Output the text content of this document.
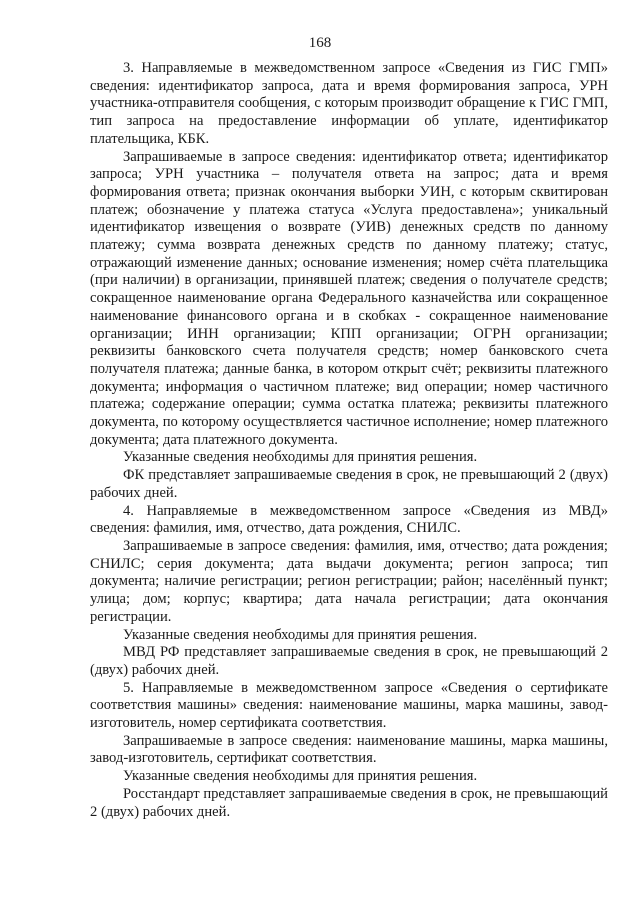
168

3. Направляемые в межведомственном запросе «Сведения из ГИС ГМП» сведения: идентификатор запроса, дата и время формирования запроса, УРН участника-отправителя сообщения, с которым производит обращение к ГИС ГМП, тип запроса на предоставление информации об уплате, идентификатор плательщика, КБК.

Запрашиваемые в запросе сведения: идентификатор ответа; идентификатор запроса; УРН участника – получателя ответа на запрос; дата и время формирования ответа; признак окончания выборки УИН, с которым сквитирован платеж; обозначение у платежа статуса «Услуга предоставлена»; уникальный идентификатор извещения о возврате (УИВ) денежных средств по данному платежу; сумма возврата денежных средств по данному платежу; статус, отражающий изменение данных; основание изменения; номер счёта плательщика (при наличии) в организации, принявшей платеж; сведения о получателе средств; сокращенное наименование органа Федерального казначейства или сокращенное наименование финансового органа и в скобках - сокращенное наименование организации; ИНН организации; КПП организации; ОГРН организации; реквизиты банковского счета получателя средств; номер банковского счета получателя платежа; данные банка, в котором открыт счёт; реквизиты платежного документа; информация о частичном платеже; вид операции; номер частичного платежа; содержание операции; сумма остатка платежа; реквизиты платежного документа, по которому осуществляется частичное исполнение; номер платежного документа; дата платежного документа.

Указанные сведения необходимы для принятия решения.

ФК представляет запрашиваемые сведения в срок, не превышающий 2 (двух) рабочих дней.

4. Направляемые в межведомственном запросе «Сведения из МВД» сведения: фамилия, имя, отчество, дата рождения, СНИЛС.

Запрашиваемые в запросе сведения: фамилия, имя, отчество; дата рождения; СНИЛС; серия документа; дата выдачи документа; регион запроса; тип документа; наличие регистрации; регион регистрации; район; населённый пункт; улица; дом; корпус; квартира; дата начала регистрации; дата окончания регистрации.

Указанные сведения необходимы для принятия решения.

МВД РФ представляет запрашиваемые сведения в срок, не превышающий 2 (двух) рабочих дней.

5. Направляемые в межведомственном запросе «Сведения о сертификате соответствия машины» сведения: наименование машины, марка машины, завод-изготовитель, номер сертификата соответствия.

Запрашиваемые в запросе сведения: наименование машины, марка машины, завод-изготовитель, сертификат соответствия.

Указанные сведения необходимы для принятия решения.

Росстандарт представляет запрашиваемые сведения в срок, не превышающий 2 (двух) рабочих дней.
